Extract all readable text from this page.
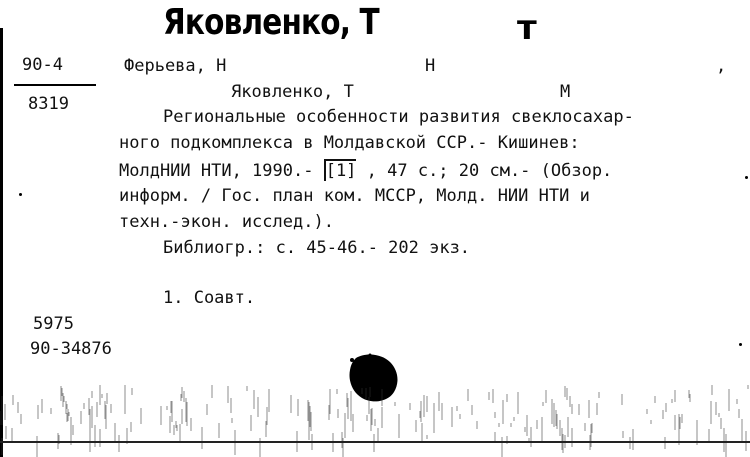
Яковленко, Т	т
90-4
8319
Ферьева, Н	Н	,
Яковленко, Т	М
Региональные особенности развития свеклосахар-
ного подкомплекса в Молдавской ССР.- Кишинев:
МолдНИИ НТИ, 1990.- [1] , 47 с.; 20 см.- (Обзор.
информ. / Гос. план ком. МССР, Молд. НИИ НТИ и
техн.-экон. исслед.).
Библиогр.: с. 45-46.- 202 экз.
1. Соавт.
5975
90-34876
